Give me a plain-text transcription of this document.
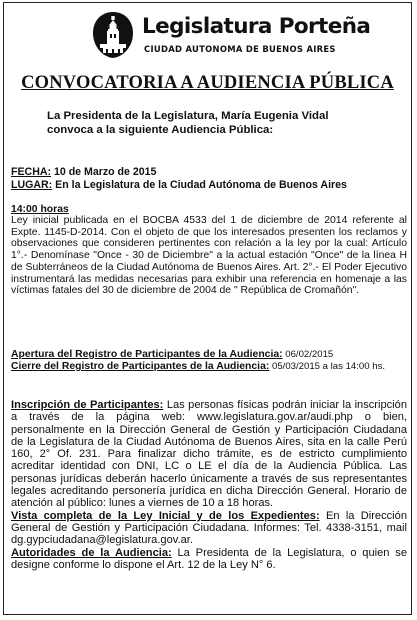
Legislatura Porteña
CIUDAD AUTONOMA DE BUENOS AIRES
CONVOCATORIA A AUDIENCIA PÚBLICA
La Presidenta de la Legislatura, María Eugenia Vidal
convoca a la siguiente Audiencia Pública:
FECHA: 10 de Marzo de 2015
LUGAR: En la Legislatura de la Ciudad Autónoma de Buenos Aires
14:00 horas
Ley inicial publicada en el BOCBA 4533 del 1 de diciembre de 2014 referente al Expte. 1145-D-2014. Con el objeto de que los interesados presenten los reclamos y observaciones que consideren pertinentes con relación a la ley por la cual: Artículo 1°.- Denomínase "Once - 30 de Diciembre" a la actual estación "Once" de la línea H de Subterráneos de la Ciudad Autónoma de Buenos Aires. Art. 2°.- El Poder Ejecutivo instrumentará las medidas necesarias para exhibir una referencia en homenaje a las víctimas fatales del 30 de diciembre de 2004 de " República de Cromañón".
Apertura del Registro de Participantes de la Audiencia: 06/02/2015
Cierre del Registro de Participantes de la Audiencia: 05/03/2015 a las 14:00 hs.

Inscripción de Participantes: Las personas físicas podrán iniciar la inscripción a través de la página web: www.legislatura.gov.ar/audi.php o bien, personalmente en la Dirección General de Gestión y Participación Ciudadana de la Legislatura de la Ciudad Autónoma de Buenos Aires, sita en la calle Perú 160, 2° Of. 231. Para finalizar dicho trámite, es de estricto cumplimiento acreditar identidad con DNI, LC o LE el día de la Audiencia Pública. Las personas jurídicas deberán hacerlo únicamente a través de sus representantes legales acreditando personería jurídica en dicha Dirección General. Horario de atención al público: lunes a viernes de 10 a 18 horas.

Vista completa de la Ley Inicial y de los Expedientes: En la Dirección General de Gestión y Participación Ciudadana. Informes: Tel. 4338-3151, mail dg.gypciudadana@legislatura.gov.ar.

Autoridades de la Audiencia: La Presidenta de la Legislatura, o quien se designe conforme lo dispone el Art. 12 de la Ley N° 6.
